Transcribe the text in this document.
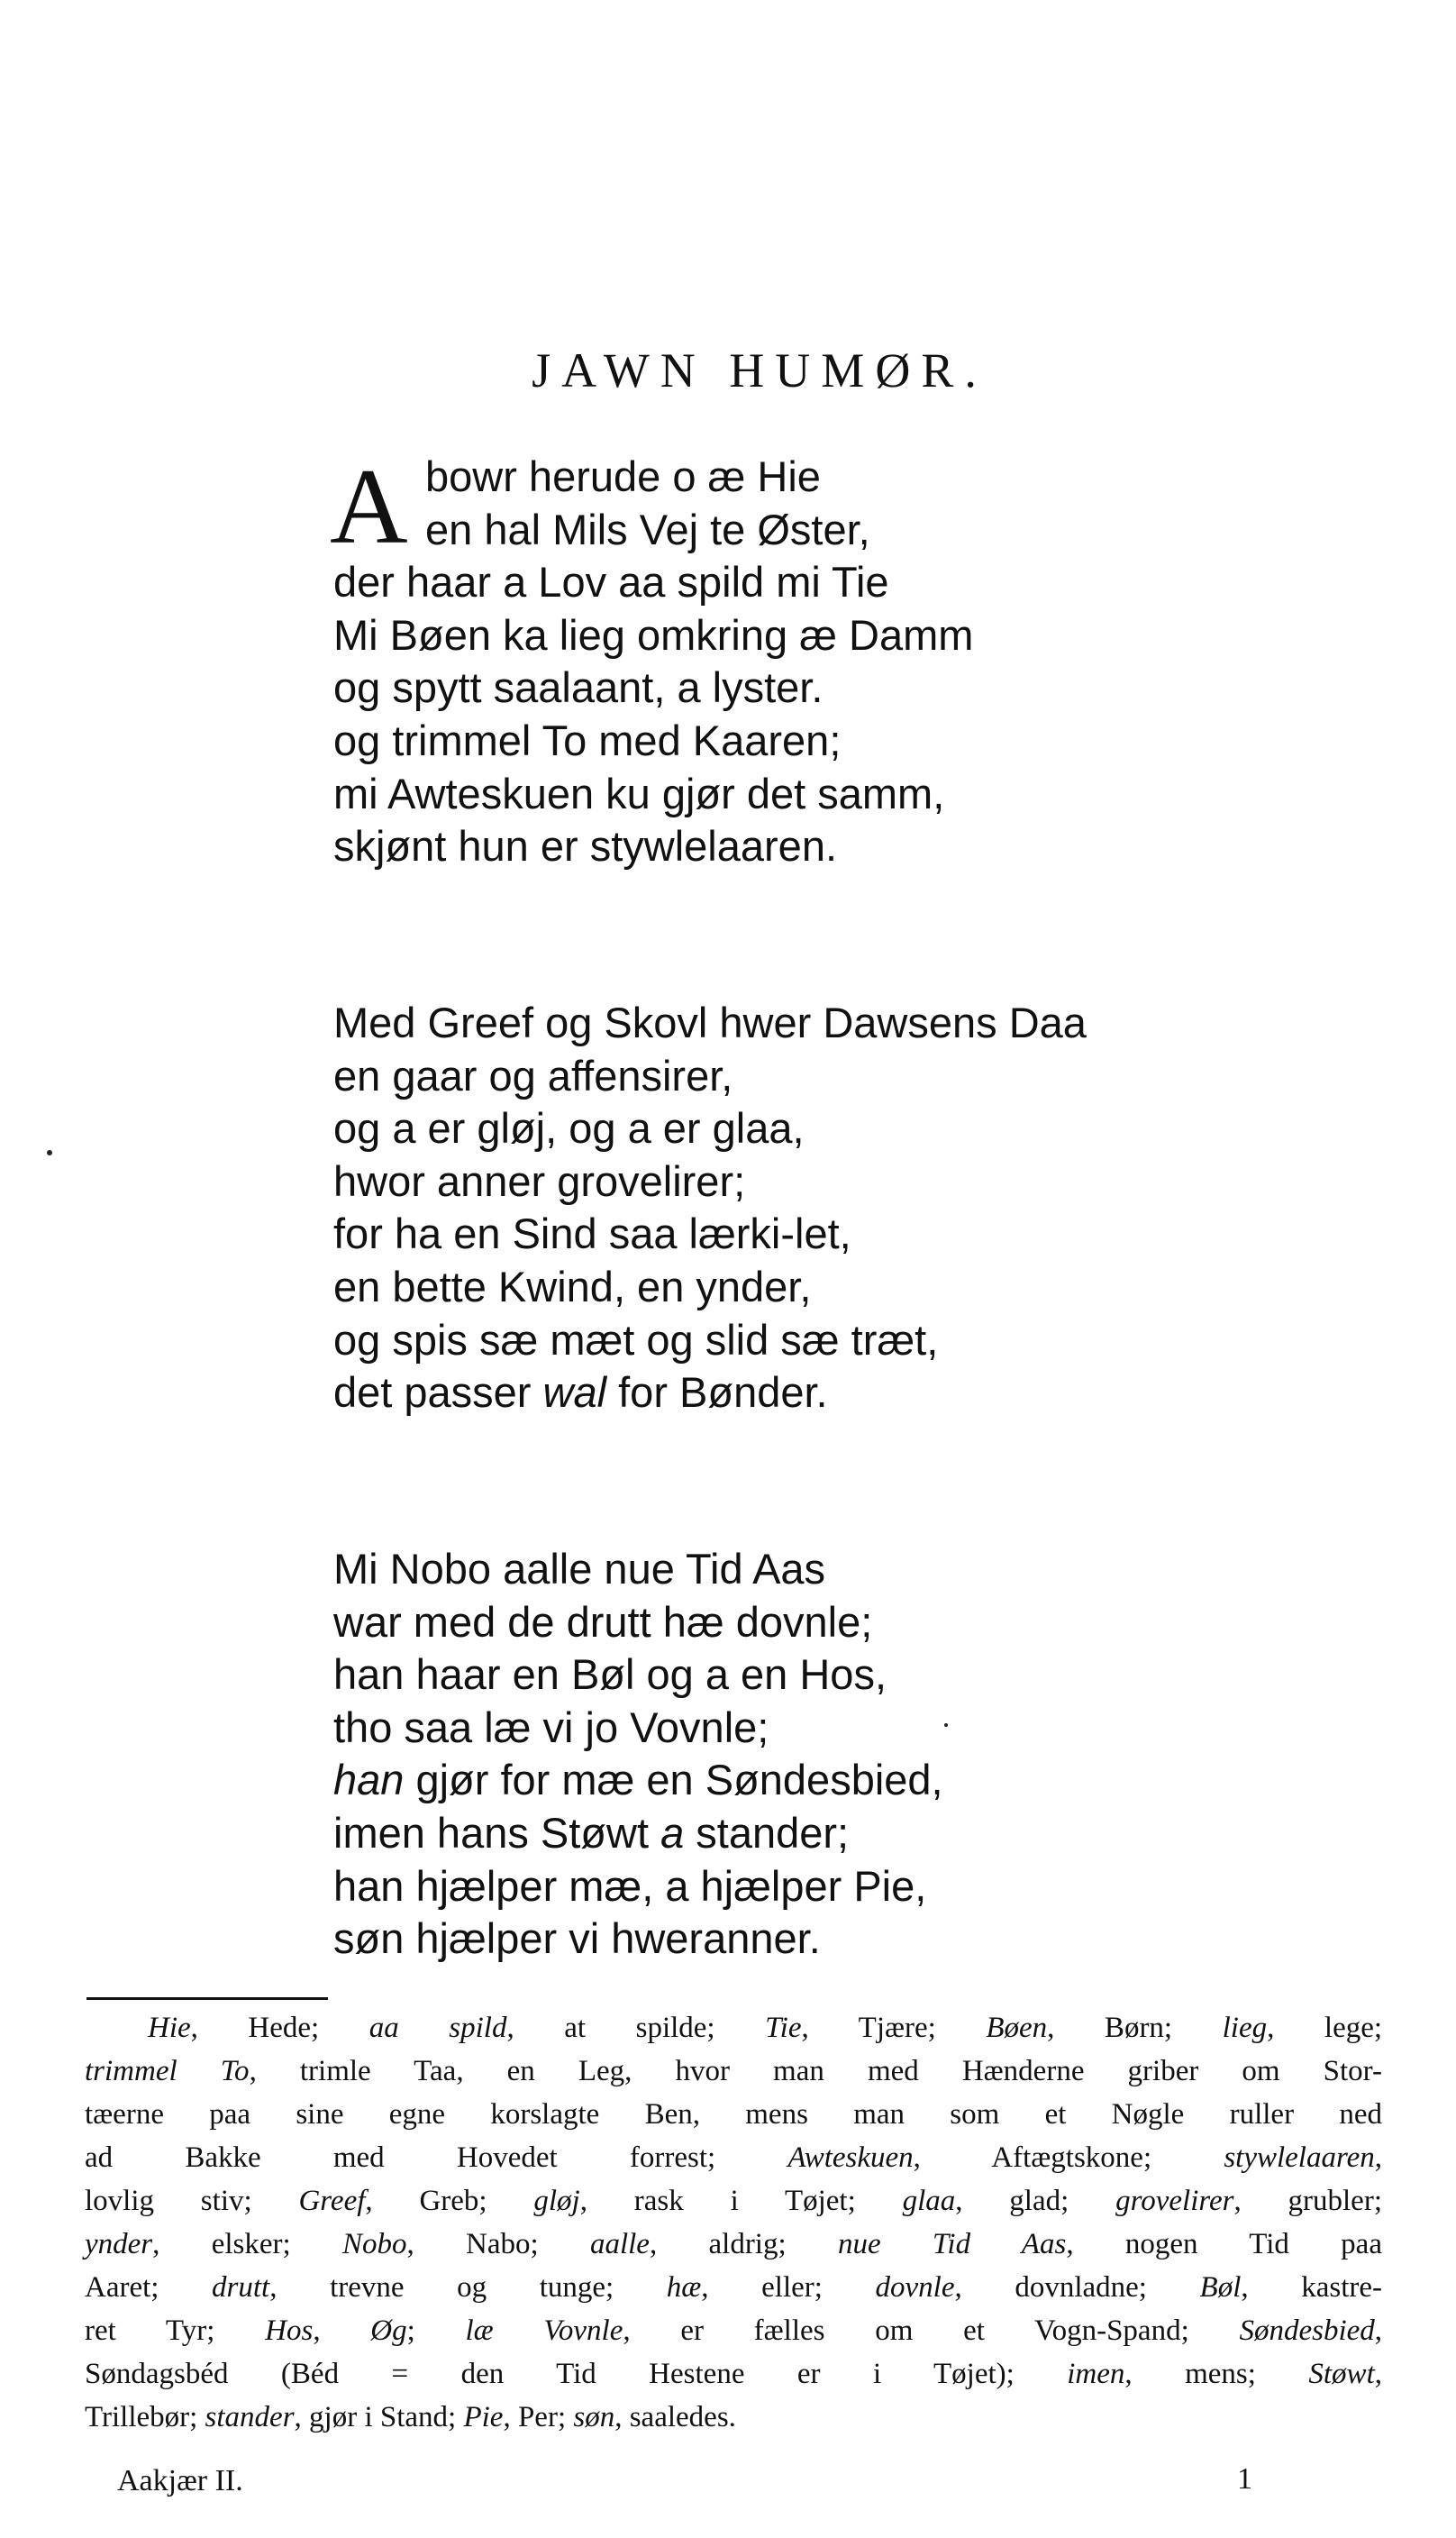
JAWN HUMØR.
A bowr herude o æ Hie
en hal Mils Vej te Øster,
der haar a Lov aa spild mi Tie
Mi Bøen ka lieg omkring æ Damm
og spytt saalaant, a lyster.
og trimmel To med Kaaren;
mi Awteskuen ku gjør det samm,
skjønt hun er stywlelaaren.
Med Greef og Skovl hwer Dawsens Daa
en gaar og affensirer,
og a er gløj, og a er glaa,
hwor anner grovelirer;
for ha en Sind saa lærki-let,
en bette Kwind, en ynder,
og spis sæ mæt og slid sæ træt,
det passer wal for Bønder.
Mi Nobo aalle nue Tid Aas
war med de drutt hæ dovnle;
han haar en Bøl og a en Hos,
tho saa læ vi jo Vovnle;
han gjør for mæ en Søndesbied,
imen hans Støwt a stander;
han hjælper mæ, a hjælper Pie,
søn hjælper vi hweranner.
Hie, Hede; aa spild, at spilde; Tie, Tjære; Bøen, Børn; lieg, lege;
trimmel To, trimle Taa, en Leg, hvor man med Hænderne griber om Stor-
tæerne paa sine egne korslagte Ben, mens man som et Nøgle ruller ned
ad Bakke med Hovedet forrest; Awteskuen, Aftægtskone; stywlelaaren,
lovlig stiv; Greef, Greb; gløj, rask i Tøjet; glaa, glad; grovelirer, grubler;
ynder, elsker; Nobo, Nabo; aalle, aldrig; nue Tid Aas, nogen Tid paa
Aaret; drutt, trevne og tunge; hæ, eller; dovnle, dovnladne; Bøl, kastre-
ret Tyr; Hos, Øg; læ Vovnle, er fælles om et Vogn-Spand; Søndesbied,
Søndagsbéd (Béd = den Tid Hestene er i Tøjet); imen, mens; Støwt,
Trillebør; stander, gjør i Stand; Pie, Per; søn, saaledes.
Aakjær II.	1
